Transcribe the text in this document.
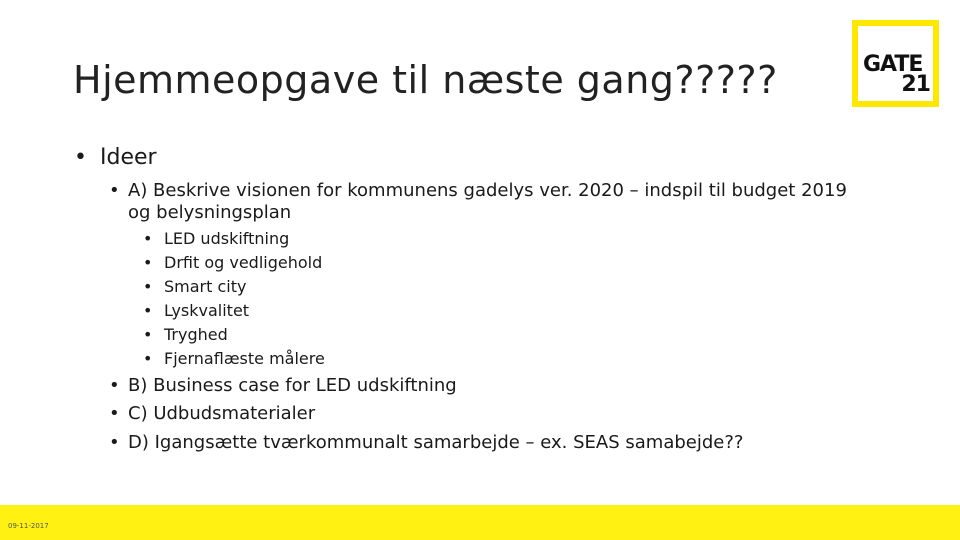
Hjemmeopgave til næste gang?????	GATE
21
• Ideer
• A) Beskrive visionen for kommunens gadelys ver. 2020 – indspil til budget 2019 og belysningsplan
• LED udskiftning
• Drfit og vedligehold
• Smart city
• Lyskvalitet
• Tryghed
• Fjernaflæste målere
• B) Business case for LED udskiftning
• C) Udbudsmaterialer
• D) Igangsætte tværkommunalt samarbejde – ex. SEAS samabejde??
09-11-2017
